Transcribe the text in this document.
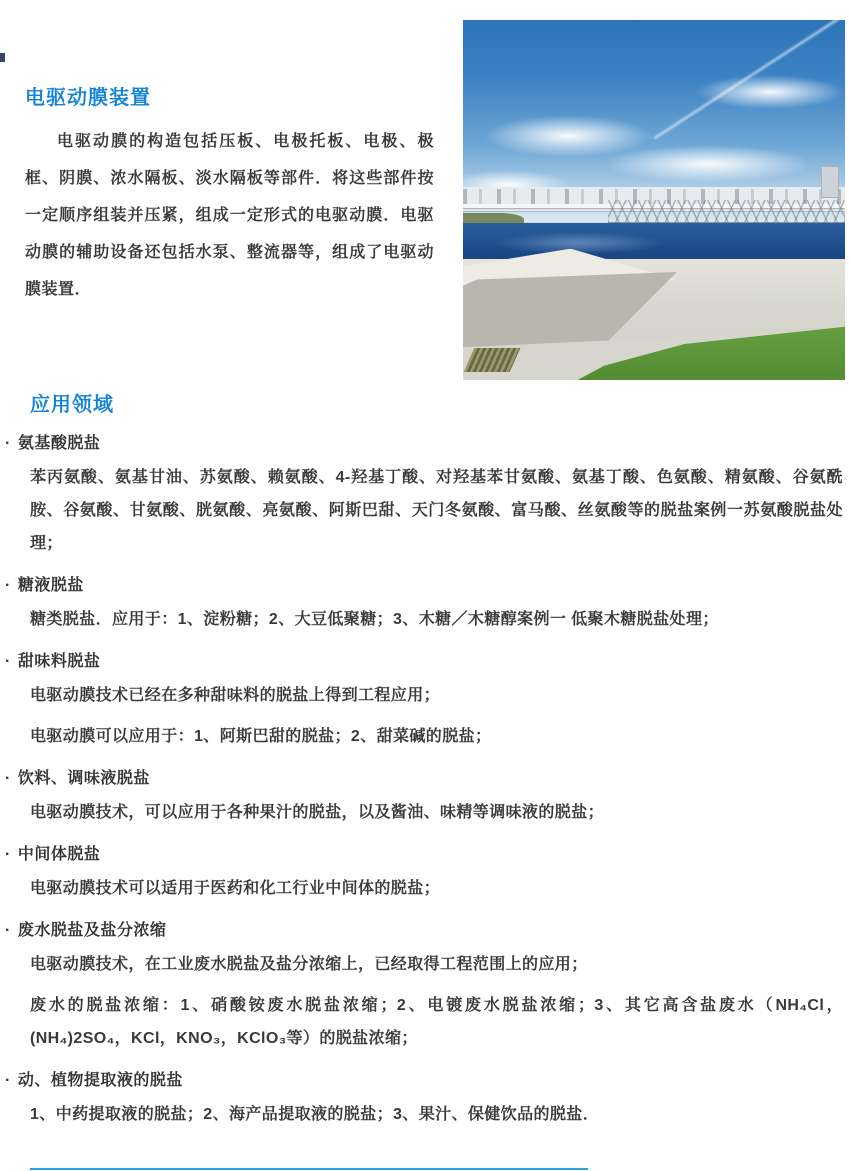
电驱动膜装置

电驱动膜的构造包括压板、电极托板、电极、极框、阴膜、浓水隔板、淡水隔板等部件．将这些部件按一定顺序组装并压紧，组成一定形式的电驱动膜．电驱动膜的辅助设备还包括水泵、整流器等，组成了电驱动膜装置．

应用领域
· 氨基酸脱盐

苯丙氨酸、氨基甘油、苏氨酸、赖氨酸、4-羟基丁酸、对羟基苯甘氨酸、氨基丁酸、色氨酸、精氨酸、谷氨酰胺、谷氨酸、甘氨酸、胱氨酸、亮氨酸、阿斯巴甜、天门冬氨酸、富马酸、丝氨酸等的脱盐案例一苏氨酸脱盐处理；

· 糖液脱盐

糖类脱盐．应用于：1、淀粉糖；2、大豆低聚糖；3、木糖／木糖醇案例一 低聚木糖脱盐处理；

· 甜味料脱盐

电驱动膜技术已经在多种甜味料的脱盐上得到工程应用；

电驱动膜可以应用于：1、阿斯巴甜的脱盐；2、甜菜碱的脱盐；

· 饮料、调味液脱盐

电驱动膜技术，可以应用于各种果汁的脱盐，以及酱油、味精等调味液的脱盐；

· 中间体脱盐

电驱动膜技术可以适用于医药和化工行业中间体的脱盐；

· 废水脱盐及盐分浓缩

电驱动膜技术，在工业废水脱盐及盐分浓缩上，已经取得工程范围上的应用；

废水的脱盐浓缩：1、硝酸铵废水脱盐浓缩；2、电镀废水脱盐浓缩；3、其它高含盐废水（NH₄Cl，(NH₄)2SO₄，KCl，KNO₃，KClO₃等）的脱盐浓缩；

· 动、植物提取液的脱盐

1、中药提取液的脱盐；2、海产品提取液的脱盐；3、果汁、保健饮品的脱盐．
